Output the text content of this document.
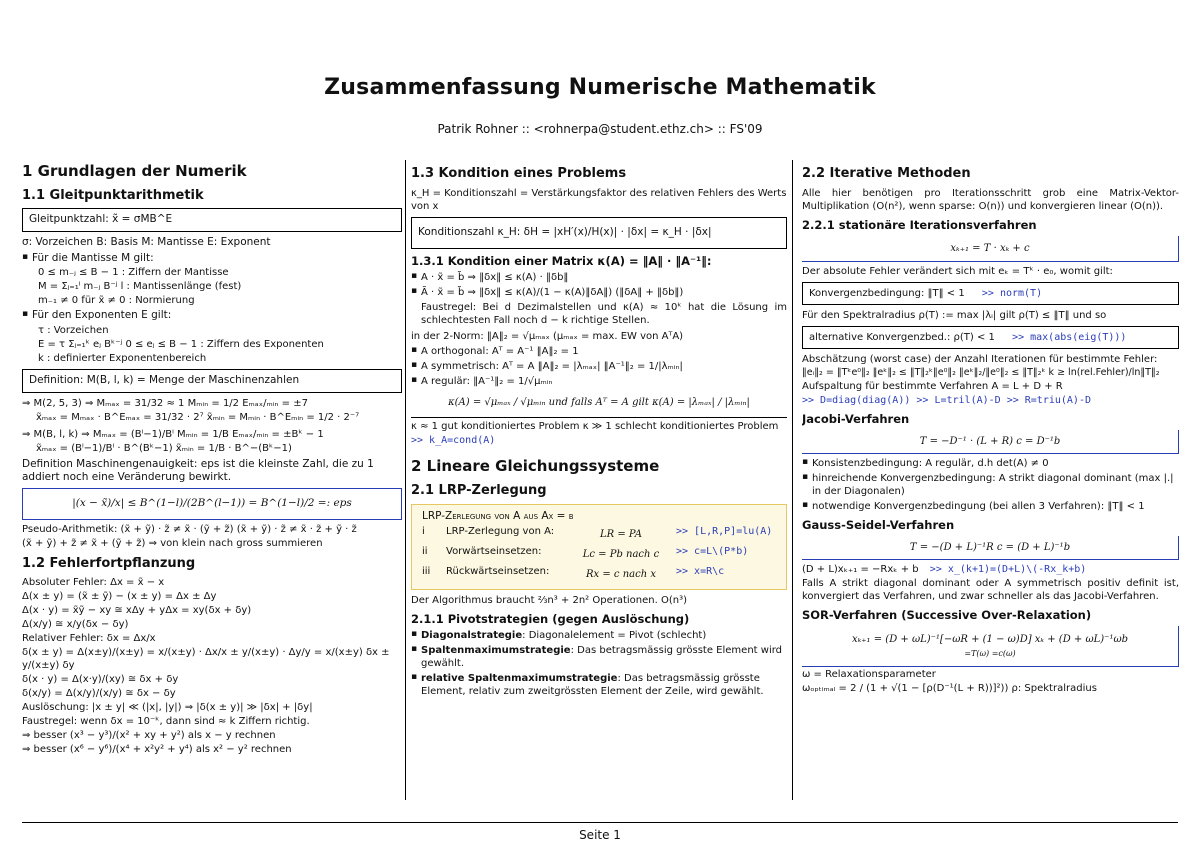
Zusammenfassung Numerische Mathematik
Patrik Rohner :: <rohnerpa@student.ethz.ch> :: FS'09
1 Grundlagen der Numerik
1.1 Gleitpunktarithmetik
Gleitpunktzahl: x̃ = σMB^E

σ: Vorzeichen B: Basis M: Mantisse E: Exponent

▪ Für die Mantisse M gilt:

0 ≤ m₋ⱼ ≤ B − 1 : Ziffern der Mantisse

M = Σⱼ₌₁ˡ m₋ⱼ B⁻ʲ l : Mantissenlänge (fest)

m₋₁ ≠ 0 für x̃ ≠ 0 : Normierung

▪ Für den Exponenten E gilt:

τ : Vorzeichen

E = τ Σⱼ₌₁ᵏ eⱼ Bᵏ⁻ʲ 0 ≤ eⱼ ≤ B − 1 : Ziffern des Exponenten

k : definierter Exponentenbereich

Definition: M(B, l, k) = Menge der Maschinenzahlen

⇒ M(2, 5, 3) ⇒ Mₘₐₓ = 31/32 ≈ 1 Mₘᵢₙ = 1/2 Eₘₐₓ/ₘᵢₙ = ±7

x̃ₘₐₓ = Mₘₐₓ · B^Eₘₐₓ = 31/32 · 2⁷ x̃ₘᵢₙ = Mₘᵢₙ · B^Eₘᵢₙ = 1/2 · 2⁻⁷

⇒ M(B, l, k) ⇒ Mₘₐₓ = (Bˡ−1)/Bˡ Mₘᵢₙ = 1/B Eₘₐₓ/ₘᵢₙ = ±Bᵏ − 1

x̃ₘₐₓ = (Bˡ−1)/Bˡ · B^(Bᵏ−1) x̃ₘᵢₙ = 1/B · B^−(Bᵏ−1)

Definition Maschinengenauigkeit: eps ist die kleinste Zahl, die zu 1 addiert noch eine Veränderung bewirkt.

|(x − x̃)/x| ≤ B^(1−l)/(2B^(l−1)) = B^(1−l)/2 =: eps

Pseudo-Arithmetik: (x̃ + ỹ) · z̃ ≠ x̃ · (ỹ + z̃) (x̃ + ỹ) · z̃ ≠ x̃ · z̃ + ỹ · z̃

(x̃ + ỹ) + z̃ ≠ x̃ + (ỹ + z̃) ⇒ von klein nach gross summieren

1.2 Fehlerfortpflanzung

Absoluter Fehler: Δx = x̃ − x

Δ(x ± y) = (x̃ ± ỹ) − (x ± y) = Δx ± Δy

Δ(x · y) = x̃ỹ − xy ≅ xΔy + yΔx = xy(δx + δy)

Δ(x/y) ≅ x/y(δx − δy)

Relativer Fehler: δx = Δx/x

δ(x ± y) = Δ(x±y)/(x±y) = x/(x±y) · Δx/x ± y/(x±y) · Δy/y = x/(x±y) δx ± y/(x±y) δy

δ(x · y) = Δ(x·y)/(xy) ≅ δx + δy

δ(x/y) = Δ(x/y)/(x/y) ≅ δx − δy

Auslöschung: |x ± y| ≪ (|x|, |y|) ⇒ |δ(x ± y)| ≫ |δx| + |δy|

Faustregel: wenn δx = 10⁻ᵏ, dann sind ≈ k Ziffern richtig.

⇒ besser (x³ − y³)/(x² + xy + y²) als x − y rechnen

⇒ besser (x⁶ − y⁶)/(x⁴ + x²y² + y⁴) als x² − y² rechnen

1.3 Kondition eines Problems

κ_H = Konditionszahl = Verstärkungsfaktor des relativen Fehlers des Werts von x

Konditionszahl κ_H: δH = |xH′(x)/H(x)| · |δx| = κ_H · |δx|
1.3.1 Kondition einer Matrix κ(A) = ‖A‖ · ‖A⁻¹‖:
▪ A · x̃ = b̃ ⇒ ‖δx‖ ≤ κ(A) · ‖δb‖
▪ Ã · x̃ = b̃ ⇒ ‖δx‖ ≤ κ(A)/(1 − κ(A)‖δA‖) (‖δA‖ + ‖δb‖)

Faustregel: Bei d Dezimalstellen und κ(A) ≈ 10ᵏ hat die Lösung im schlechtesten Fall noch d − k richtige Stellen.

in der 2-Norm: ‖A‖₂ = √μₘₐₓ (μₘₐₓ = max. EW von AᵀA)

▪ A orthogonal: Aᵀ = A⁻¹ ‖A‖₂ = 1
▪ A symmetrisch: Aᵀ = A ‖A‖₂ = |λₘₐₓ| ‖A⁻¹‖₂ = 1/|λₘᵢₙ|
▪ A regulär: ‖A⁻¹‖₂ = 1/√μₘᵢₙ

κ(A) = √μₘₐₓ / √μₘᵢₙ und falls Aᵀ = A gilt κ(A) = |λₘₐₓ| / |λₘᵢₙ|

κ ≈ 1 gut konditioniertes Problem κ ≫ 1 schlecht konditioniertes Problem

>> k_A=cond(A)

2 Lineare Gleichungssysteme
2.1 LRP-Zerlegung

LRP-Zerlegung von A aus Ax = b

i	LRP-Zerlegung von A:	LR = PA	>> [L,R,P]=lu(A)
ii	Vorwärtseinsetzen:	Lc = Pb nach c	>> c=L\(P*b)
iii	Rückwärtseinsetzen:	Rx = c nach x	>> x=R\c

Der Algorithmus braucht ⅔n³ + 2n² Operationen. O(n³)

2.1.1 Pivotstrategien (gegen Auslöschung)
▪ Diagonalstrategie: Diagonalelement = Pivot (schlecht)
▪ Spaltenmaximumstrategie: Das betragsmässig grösste Element wird gewählt.
▪ relative Spaltenmaximumstrategie: Das betragsmässig grösste Element, relativ zum zweitgrössten Element der Zeile, wird gewählt.
2.2 Iterative Methoden

Alle hier benötigen pro Iterationsschritt grob eine Matrix-Vektor-Multiplikation (O(n²), wenn sparse: O(n)) und konvergieren linear (O(n)).

2.2.1 stationäre Iterationsverfahren
xₖ₊₁ = T · xₖ + c

Der absolute Fehler verändert sich mit eₖ = Tᵏ · e₀, womit gilt:

Konvergenzbedingung: ‖T‖ < 1 >> norm(T)

Für den Spektralradius ρ(T) := max |λᵢ| gilt ρ(T) ≤ ‖T‖ und so

alternative Konvergenzbed.: ρ(T) < 1 >> max(abs(eig(T)))

Abschätzung (worst case) der Anzahl Iterationen für bestimmte Fehler:

‖eᵢ‖₂ = ‖Tᵏe⁰‖₂ ‖eᵏ‖₂ ≤ ‖T‖₂ᵏ‖e⁰‖₂ ‖eᵏ‖₂/‖e⁰‖₂ ≤ ‖T‖₂ᵏ k ≥ ln(rel.Fehler)/ln‖T‖₂

Aufspaltung für bestimmte Verfahren A = L + D + R

>> D=diag(diag(A)) >> L=tril(A)-D >> R=triu(A)-D

Jacobi-Verfahren
T = −D⁻¹ · (L + R) c = D⁻¹b
▪ Konsistenzbedingung: A regulär, d.h det(A) ≠ 0
▪ hinreichende Konvergenzbedingung: A strikt diagonal dominant (max |.| in der Diagonalen)
▪ notwendige Konvergenzbedingung (bei allen 3 Verfahren): ‖T‖ < 1
Gauss-Seidel-Verfahren
T = −(D + L)⁻¹R c = (D + L)⁻¹b

(D + L)xₖ₊₁ = −Rxₖ + b >> x_(k+1)=(D+L)\(-Rx_k+b)

Falls A strikt diagonal dominant oder A symmetrisch positiv definit ist, konvergiert das Verfahren, und zwar schneller als das Jacobi-Verfahren.

SOR-Verfahren (Successive Over-Relaxation)

xₖ₊₁ = (D + ωL)⁻¹[−ωR + (1 − ω)D] xₖ + (D + ωL)⁻¹ωb

=T(ω) =c(ω)

ω = Relaxationsparameter

ωₒₚₜᵢₘₐₗ = 2 / (1 + √(1 − [ρ(D⁻¹(L + R))]²)) ρ: Spektralradius

Seite 1
